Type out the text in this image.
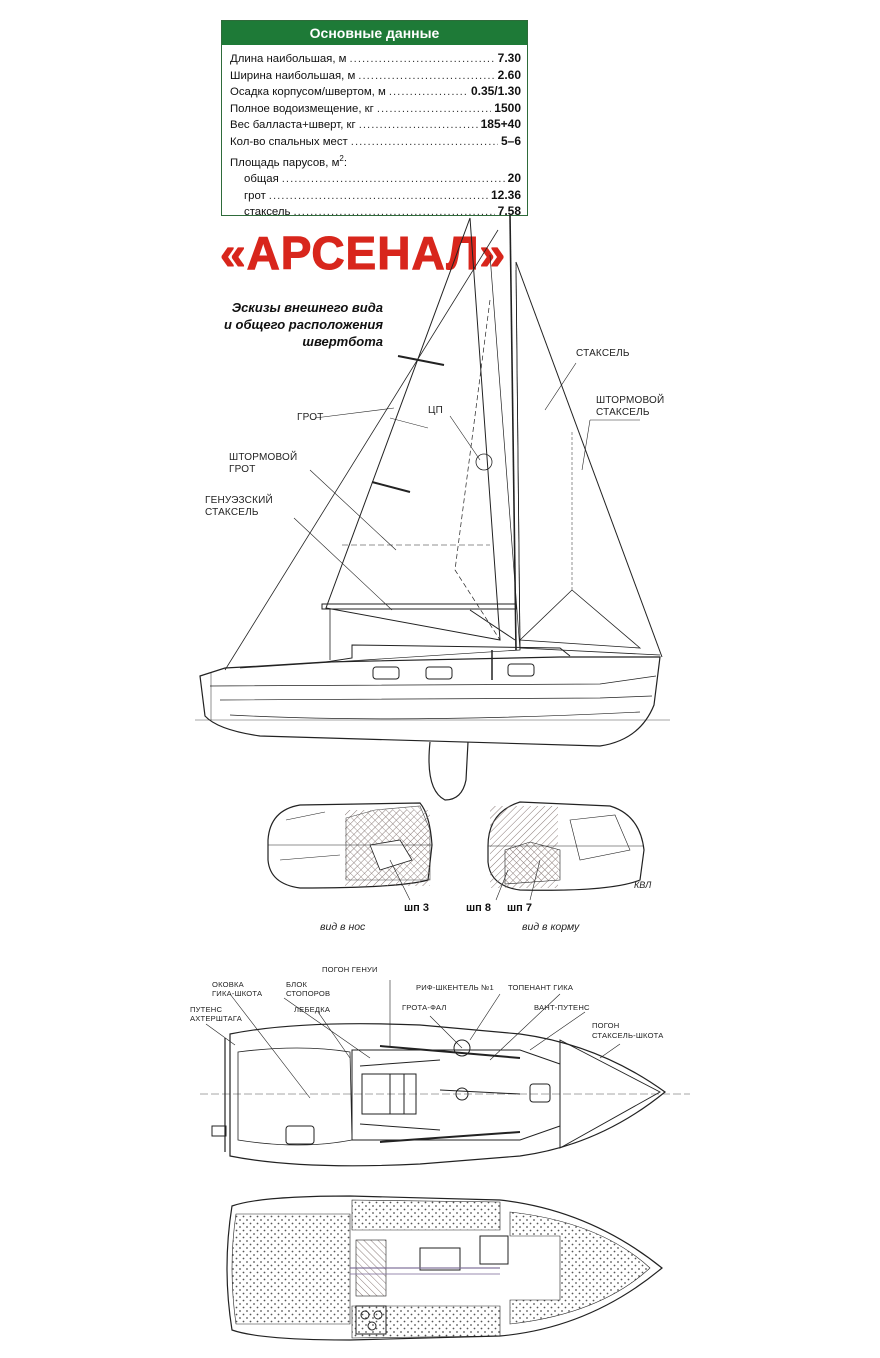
Основные данные
Длина наибольшая, м .....	7.30
Ширина наибольшая, м .....	2.60
Осадка корпусом/швертом, м .....	0.35/1.30
Полное водоизмещение, кг .....	1500
Вес балласта+шверт, кг .....	185+40
Кол-во спальных мест .....	5–6
Площадь парусов, $м^2$:
общая .....	20
грот .....	12.36
стаксель .....	7.58
«АРСЕНАЛ»
Эскизы внешнего вида
и общего расположения
швертбота
СТАКСЕЛЬ
ШТОРМОВОЙ
СТАКСЕЛЬ
ГРОТ
ЦП
ШТОРМОВОЙ
ГРОТ
ГЕНУЭЗСКИЙ
СТАКСЕЛЬ
шп 3	шп 8 шп 7
КВЛ
вид в нос	вид в корму
ОКОВКА
ГИКА-ШКОТА
БЛОК
СТОПОРОВ
ПОГОН ГЕНУИ
РИФ-ШКЕНТЕЛЬ №1 ТОПЕНАНТ ГИКА
ПУТЕНС
АХТЕРШТАГА
ЛЕБЕДКА	ГРОТА-ФАЛ	ВАНТ-ПУТЕНС
ПОГОН
СТАКСЕЛЬ-ШКОТА
